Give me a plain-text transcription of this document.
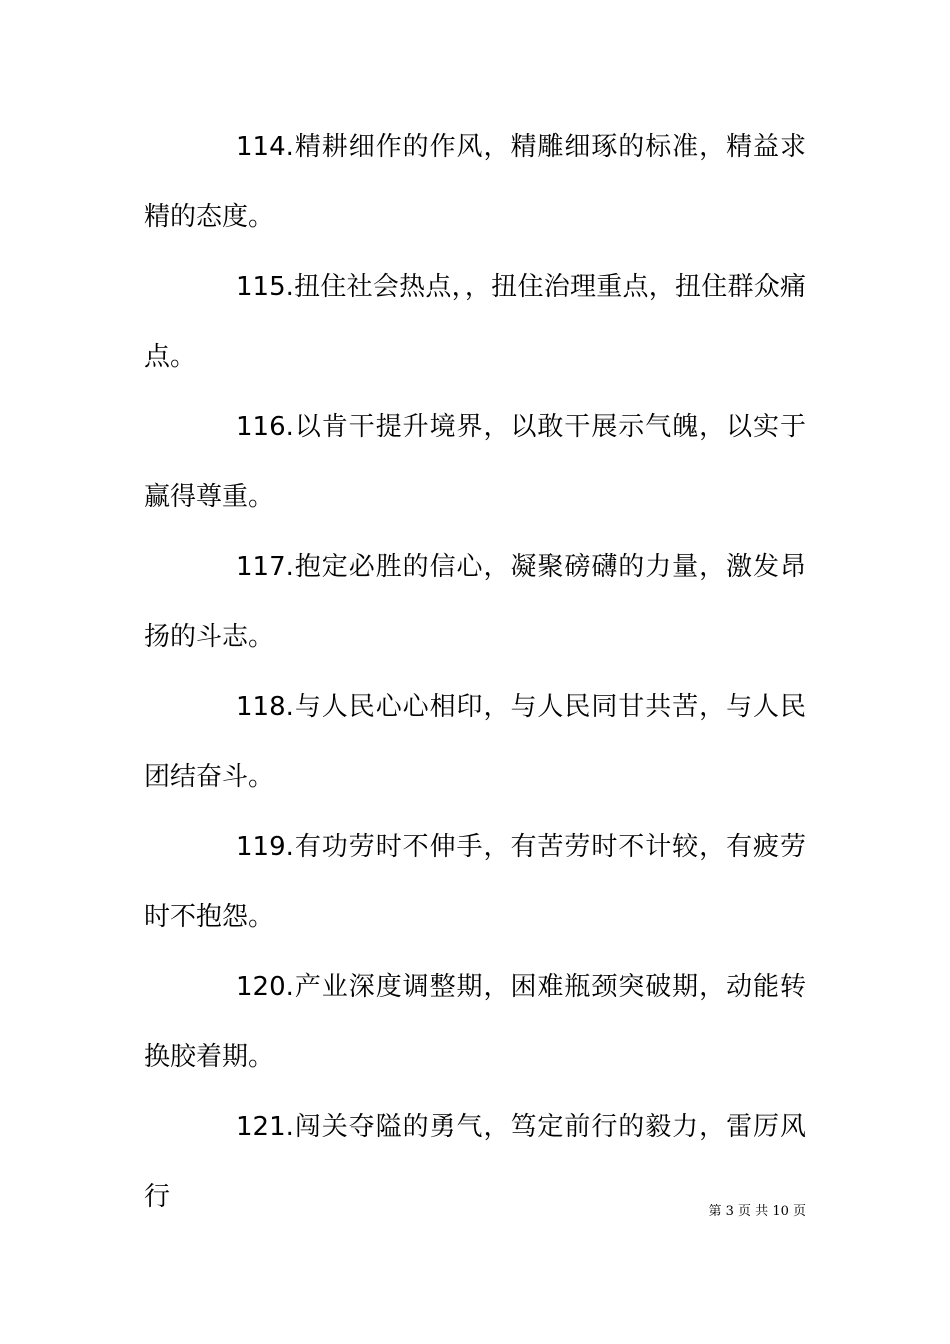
114.精耕细作的作风，精雕细琢的标准，精益求精的态度。

115.扭住社会热点，，扭住治理重点，扭住群众痛点。

116.以肯干提升境界，以敢干展示气魄，以实于赢得尊重。

117.抱定必胜的信心，凝聚磅礴的力量，激发昂扬的斗志。

118.与人民心心相印，与人民同甘共苦，与人民团结奋斗。

119.有功劳时不伸手，有苦劳时不计较，有疲劳时不抱怨。

120.产业深度调整期，困难瓶颈突破期，动能转换胶着期。

121.闯关夺隘的勇气，笃定前行的毅力，雷厉风行	第 3 页 共 10 页
